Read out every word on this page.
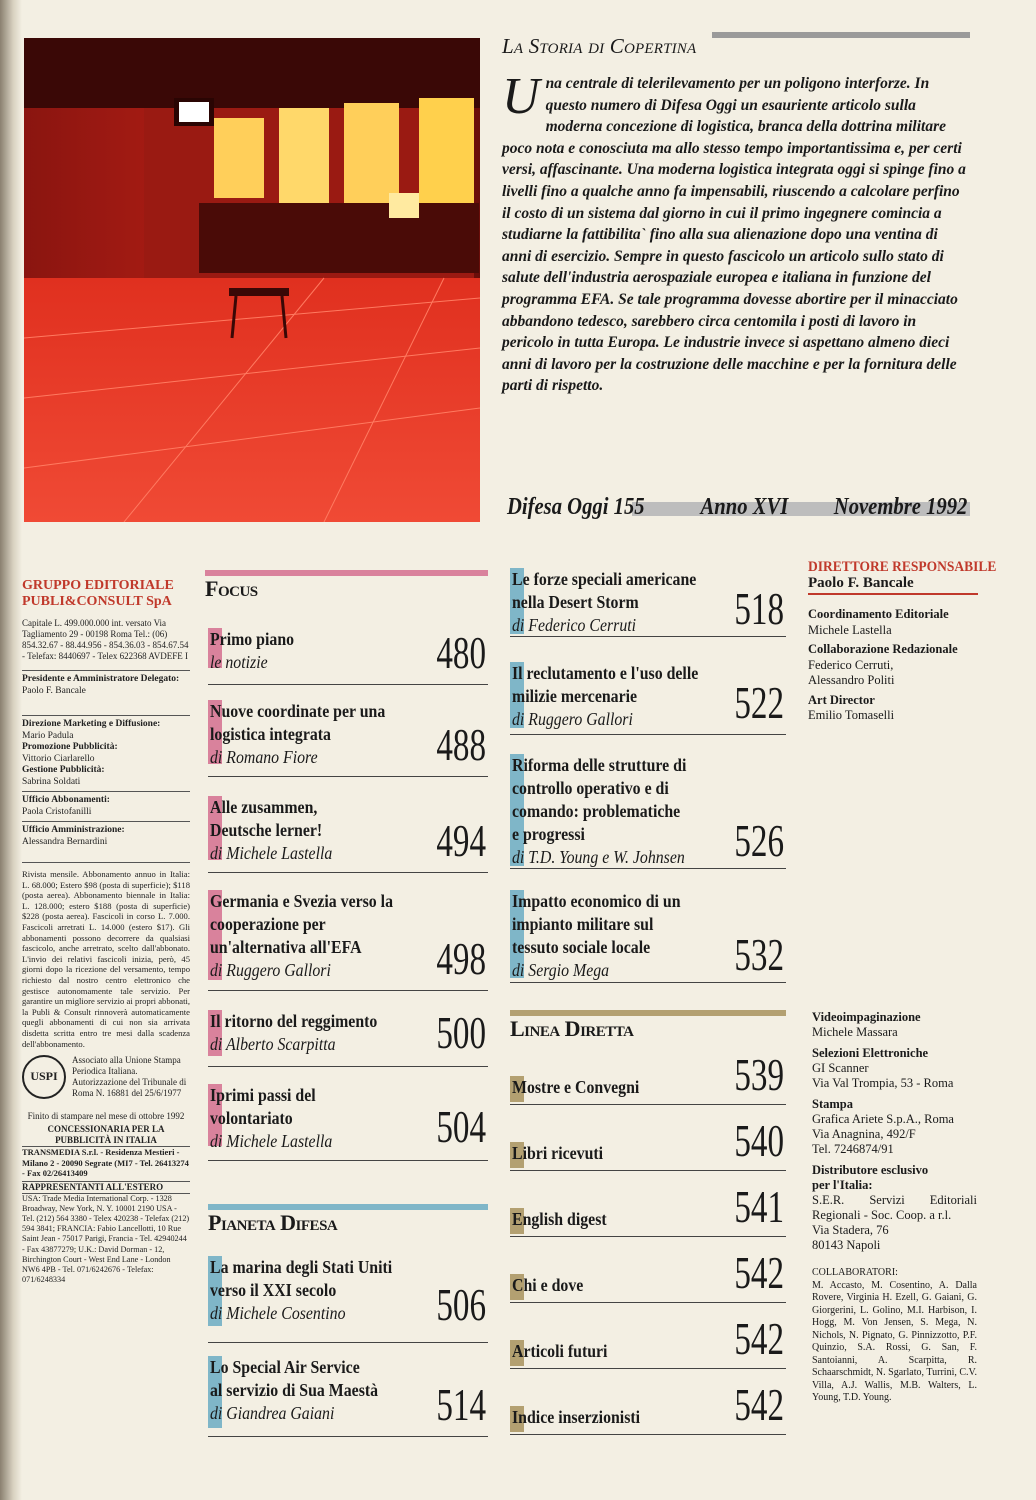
La Storia di Copertina
Una centrale di telerilevamento per un poligono interforze. In questo numero di Difesa Oggi un esauriente articolo sulla moderna concezione di logistica, branca della dottrina militare poco nota e conosciuta ma allo stesso tempo importantissima e, per certi versi, affascinante. Una moderna logistica integrata oggi si spinge fino a livelli fino a qualche anno fa impensabili, riuscendo a calcolare perfino il costo di un sistema dal giorno in cui il primo ingegnere comincia a studiarne la fattibilita` fino alla sua alienazione dopo una ventina di anni di esercizio. Sempre in questo fascicolo un articolo sullo stato di salute dell'industria aerospaziale europea e italiana in funzione del programma EFA. Se tale programma dovesse abortire per il minacciato abbandono tedesco, sarebbero circa centomila i posti di lavoro in pericolo in tutta Europa. Le industrie invece si aspettano almeno dieci anni di lavoro per la costruzione delle macchine e per la fornitura delle parti di rispetto.
Difesa Oggi 155 Anno XVI Novembre 1992
GRUPPO EDITORIALE
PUBLI&CONSULT SpA
Capitale L. 499.000.000 int. versato Via Tagliamento 29 - 00198 Roma Tel.: (06) 854.32.67 - 88.44.956 - 854.36.03 - 854.67.54 - Telefax: 8440697 - Telex 622368 AVDEFE I
Presidente e Amministratore Delegato:
Paolo F. Bancale
Direzione Marketing e Diffusione:
Mario Padula
Promozione Pubblicità:
Vittorio Ciarlarello
Gestione Pubblicità:
Sabrina Soldati
Ufficio Abbonamenti:
Paola Cristofanilli
Ufficio Amministrazione:
Alessandra Bernardini
Rivista mensile. Abbonamento annuo in Italia: L. 68.000; Estero $98 (posta di superficie); $118 (posta aerea). Abbonamento biennale in Italia: L. 128.000; estero $188 (posta di superficie) $228 (posta aerea). Fascicoli in corso L. 7.000. Fascicoli arretrati L. 14.000 (estero $17). Gli abbonamenti possono decorrere da qualsiasi fascicolo, anche arretrato, scelto dall'abbonato. L'invio dei relativi fascicoli inizia, però, 45 giorni dopo la ricezione del versamento, tempo richiesto dal nostro centro elettronico che gestisce autonomamente tale servizio. Per garantire un migliore servizio ai propri abbonati, la Publi & Consult rinnoverà automaticamente quegli abbonamenti di cui non sia arrivata disdetta scritta entro tre mesi dalla scadenza dell'abbonamento.
USPI
Associato alla Unione Stampa Periodica Italiana. Autorizzazione del Tribunale di Roma N. 16881 del 25/6/1977
Finito di stampare nel mese di ottobre 1992
CONCESSIONARIA PER LA PUBBLICITÀ IN ITALIA
TRANSMEDIA S.r.l. - Residenza Mestieri - Milano 2 - 20090 Segrate (MI7 - Tel. 26413274 - Fax 02/26413409
RAPPRESENTANTI ALL'ESTERO
USA: Trade Media International Corp. - 1328 Broadway, New York, N. Y. 10001 2190 USA - Tel. (212) 564 3380 - Telex 420238 - Telefax (212) 594 3841; FRANCIA: Fabio Lancellotti, 10 Rue Saint Jean - 75017 Parigi, Francia - Tel. 42940244 - Fax 43877279; U.K.: David Dorman - 12, Birchington Court - West End Lane - London NW6 4PB - Tel. 071/6242676 - Telefax: 071/6248334
Focus
Primo piano
le notizie	480
Nuove coordinate per una
logistica integrata
di Romano Fiore	488
Alle zusammen,
Deutsche lerner!
di Michele Lastella 494
Germania e Svezia verso la
cooperazione per
un'alternativa all'EFA
di Ruggero Gallori	498
Il ritorno del reggimento
di Alberto Scarpitta	500
Iprimi passi del
volontariato
di Michele Lastella 504
Pianeta Difesa
La marina degli Stati Uniti
verso il XXI secolo
di Michele Cosentino	506
Lo Special Air Service
al servizio di Sua Maestà
di Giandrea Gaiani	514
Le forze speciali americane
nella Desert Storm
di Federico Cerruti	518
Il reclutamento e l'uso delle
milizie mercenarie
di Ruggero Gallori	522
Riforma delle strutture di
controllo operativo e di
comando: problematiche
e progressi
di T.D. Young e W. Johnsen 526
Impatto economico di un
impianto militare sul
tessuto sociale locale
di Sergio Mega	532
Linea Diretta
Mostre e Convegni 539
Libri ricevuti	540
English digest	541
Chi e dove	542
Articoli futuri	542
Indice inserzionisti 542
DIRETTORE RESPONSABILE
Paolo F. Bancale
Coordinamento Editoriale
Michele Lastella
Collaborazione Redazionale
Federico Cerruti,
Alessandro Politi
Art Director
Emilio Tomaselli
Videoimpaginazione
Michele Massara
Selezioni Elettroniche
GI Scanner
Via Val Trompia, 53 - Roma
Stampa
Grafica Ariete S.p.A., Roma
Via Anagnina, 492/F
Tel. 7246874/91
Distributore esclusivo
per l'Italia:
S.E.R. Servizi Editoriali Regionali - Soc. Coop. a r.l.
Via Stadera, 76
80143 Napoli
COLLABORATORI:
M. Accasto, M. Cosentino, A. Dalla Rovere, Virginia H. Ezell, G. Gaiani, G. Giorgerini, L. Golino, M.I. Harbison, I. Hogg, M. Von Jensen, S. Mega, N. Nichols, N. Pignato, G. Pinnizzotto, P.F. Quinzio, S.A. Rossi, G. San, F. Santoianni, A. Scarpitta, R. Schaarschmidt, N. Sgarlato, Turrini, C.V. Villa, A.J. Wallis, M.B. Walters, L. Young, T.D. Young.
